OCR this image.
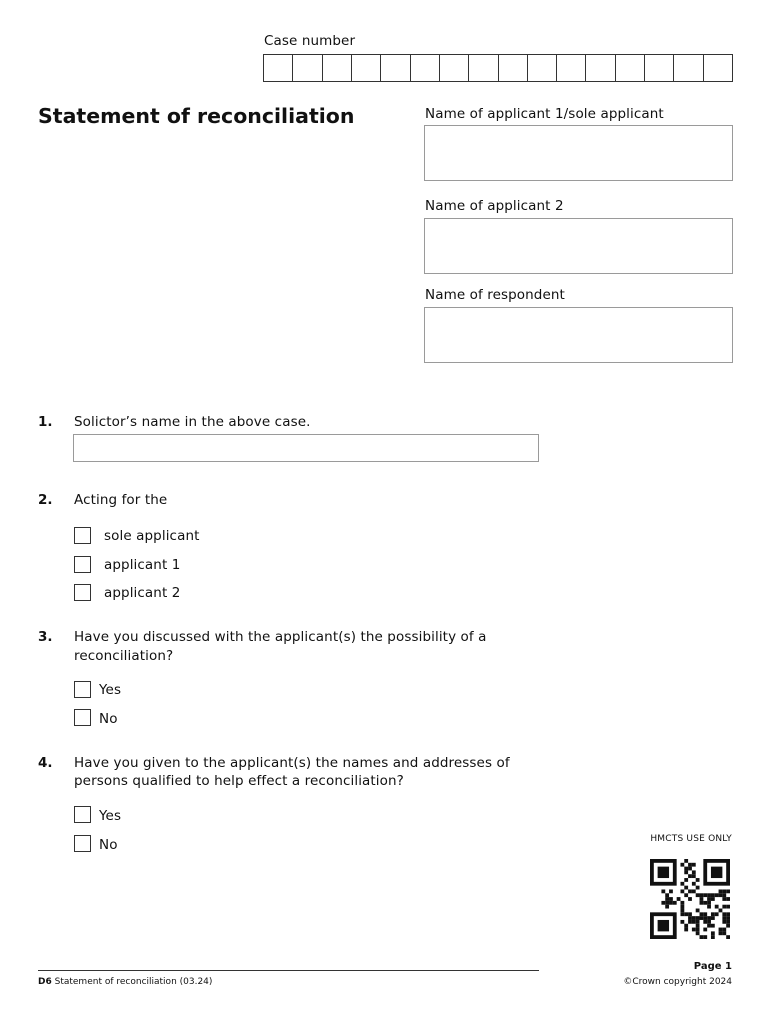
Case number
Statement of reconciliation	Name of applicant 1/sole applicant
Name of applicant 2
Name of respondent
1. Solictor’s name in the above case.
2. Acting for the
sole applicant
applicant 1
applicant 2
3. Have you discussed with the applicant(s) the possibility of a
reconciliation?
Yes
No
4. Have you given to the applicant(s) the names and addresses of
persons qualified to help effect a reconciliation?
Yes
No	HMCTS USE ONLY
D6 Statement of reconciliation (03.24)
Page 1
©Crown copyright 2024
